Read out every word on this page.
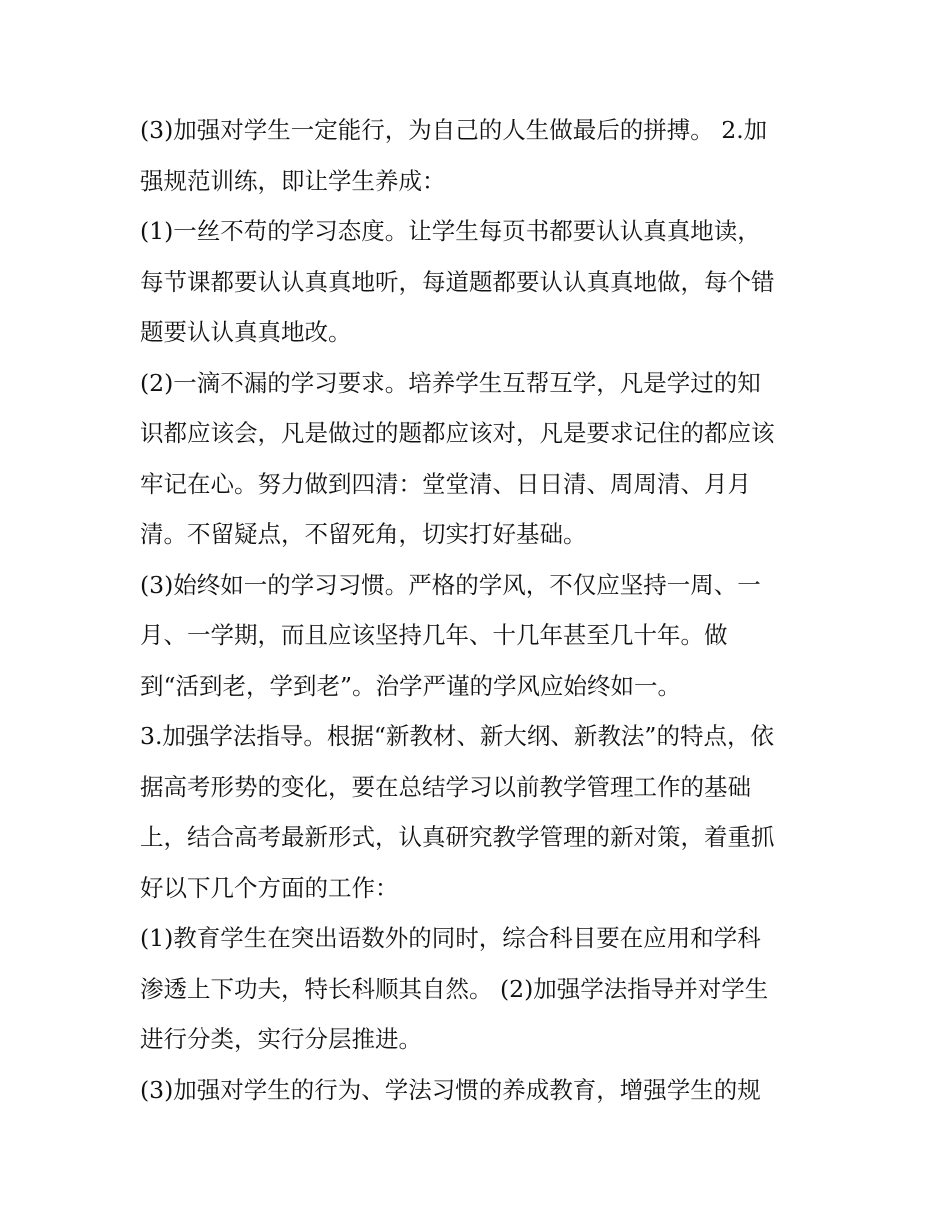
(3)加强对学生一定能行，为自己的人生做最后的拼搏。 2.加
强规范训练，即让学生养成：
(1)一丝不苟的学习态度。让学生每页书都要认认真真地读，
每节课都要认认真真地听，每道题都要认认真真地做，每个错
题要认认真真地改。
(2)一滴不漏的学习要求。培养学生互帮互学，凡是学过的知
识都应该会，凡是做过的题都应该对，凡是要求记住的都应该
牢记在心。努力做到四清：堂堂清、日日清、周周清、月月
清。不留疑点，不留死角，切实打好基础。
(3)始终如一的学习习惯。严格的学风，不仅应坚持一周、一
月、一学期，而且应该坚持几年、十几年甚至几十年。做
到“活到老，学到老”。治学严谨的学风应始终如一。
3.加强学法指导。根据“新教材、新大纲、新教法”的特点，依
据高考形势的变化，要在总结学习以前教学管理工作的基础
上，结合高考最新形式，认真研究教学管理的新对策，着重抓
好以下几个方面的工作：
(1)教育学生在突出语数外的同时，综合科目要在应用和学科
渗透上下功夫，特长科顺其自然。 (2)加强学法指导并对学生
进行分类，实行分层推进。
(3)加强对学生的行为、学法习惯的养成教育，增强学生的规
